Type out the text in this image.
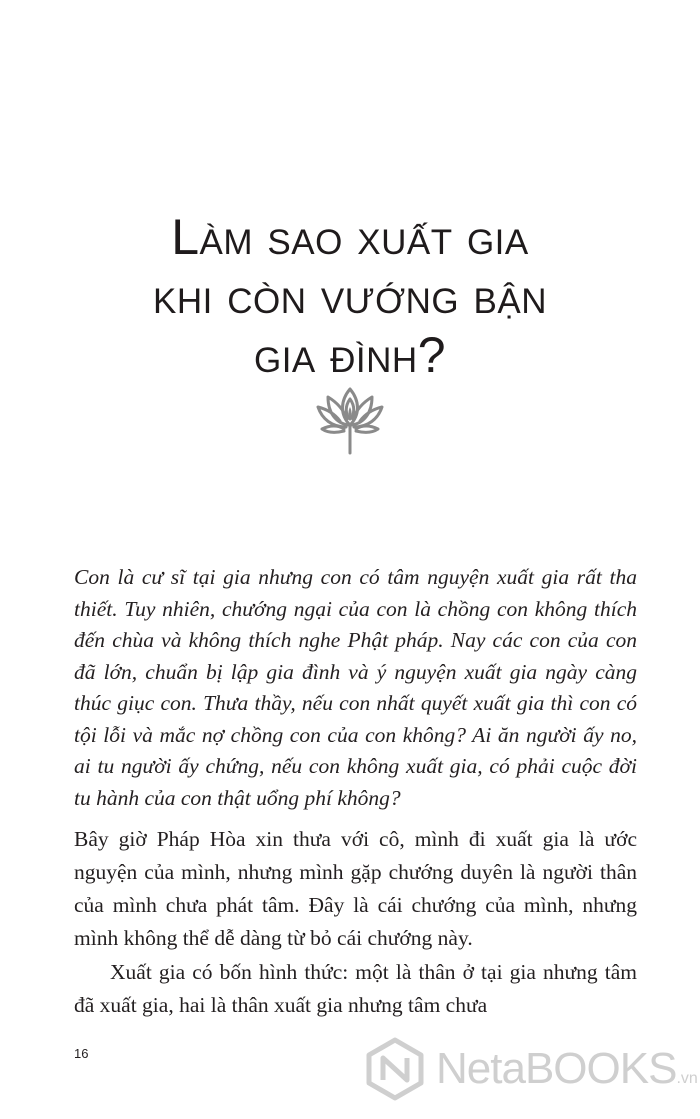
Làm sao xuất gia
khi còn vướng bận
gia đình?

Con là cư sĩ tại gia nhưng con có tâm nguyện xuất gia rất tha thiết. Tuy nhiên, chướng ngại của con là chồng con không thích đến chùa và không thích nghe Phật pháp. Nay các con của con đã lớn, chuẩn bị lập gia đình và ý nguyện xuất gia ngày càng thúc giục con. Thưa thầy, nếu con nhất quyết xuất gia thì con có tội lỗi và mắc nợ chồng con của con không? Ai ăn người ấy no, ai tu người ấy chứng, nếu con không xuất gia, có phải cuộc đời tu hành của con thật uổng phí không?

Bây giờ Pháp Hòa xin thưa với cô, mình đi xuất gia là ước nguyện của mình, nhưng mình gặp chướng duyên là người thân của mình chưa phát tâm. Đây là cái chướng của mình, nhưng mình không thể dễ dàng từ bỏ cái chướng này.

Xuất gia có bốn hình thức: một là thân ở tại gia nhưng tâm đã xuất gia, hai là thân xuất gia nhưng tâm chưa

16	NetaBOOKS.vn
